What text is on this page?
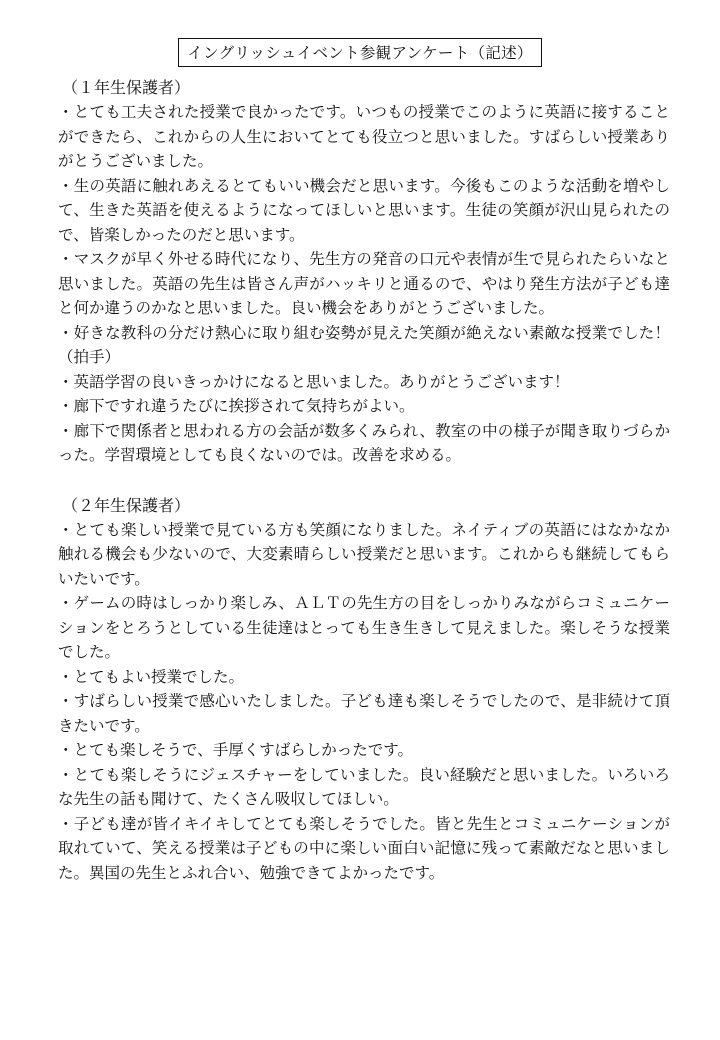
イングリッシュイベント参観アンケート（記述）
（１年生保護者）

・とても工夫された授業で良かったです。いつもの授業でこのように英語に接することができたら、これからの人生においてとても役立つと思いました。すばらしい授業ありがとうございました。

・生の英語に触れあえるとてもいい機会だと思います。今後もこのような活動を増やして、生きた英語を使えるようになってほしいと思います。生徒の笑顔が沢山見られたので、皆楽しかったのだと思います。

・マスクが早く外せる時代になり、先生方の発音の口元や表情が生で見られたらいなと思いました。英語の先生は皆さん声がハッキリと通るので、やはり発生方法が子ども達と何か違うのかなと思いました。良い機会をありがとうございました。

・好きな教科の分だけ熱心に取り組む姿勢が見えた笑顔が絶えない素敵な授業でした！（拍手）

・英語学習の良いきっかけになると思いました。ありがとうございます！

・廊下ですれ違うたびに挨拶されて気持ちがよい。

・廊下で関係者と思われる方の会話が数多くみられ、教室の中の様子が聞き取りづらかった。学習環境としても良くないのでは。改善を求める。

（２年生保護者）

・とても楽しい授業で見ている方も笑顔になりました。ネイティブの英語にはなかなか触れる機会も少ないので、大変素晴らしい授業だと思います。これからも継続してもらいたいです。

・ゲームの時はしっかり楽しみ、ＡＬＴの先生方の目をしっかりみながらコミュニケーションをとろうとしている生徒達はとっても生き生きして見えました。楽しそうな授業でした。

・とてもよい授業でした。

・すばらしい授業で感心いたしました。子ども達も楽しそうでしたので、是非続けて頂きたいです。

・とても楽しそうで、手厚くすばらしかったです。

・とても楽しそうにジェスチャーをしていました。良い経験だと思いました。いろいろな先生の話も聞けて、たくさん吸収してほしい。

・子ども達が皆イキイキしてとても楽しそうでした。皆と先生とコミュニケーションが取れていて、笑える授業は子どもの中に楽しい面白い記憶に残って素敵だなと思いました。異国の先生とふれ合い、勉強できてよかったです。
